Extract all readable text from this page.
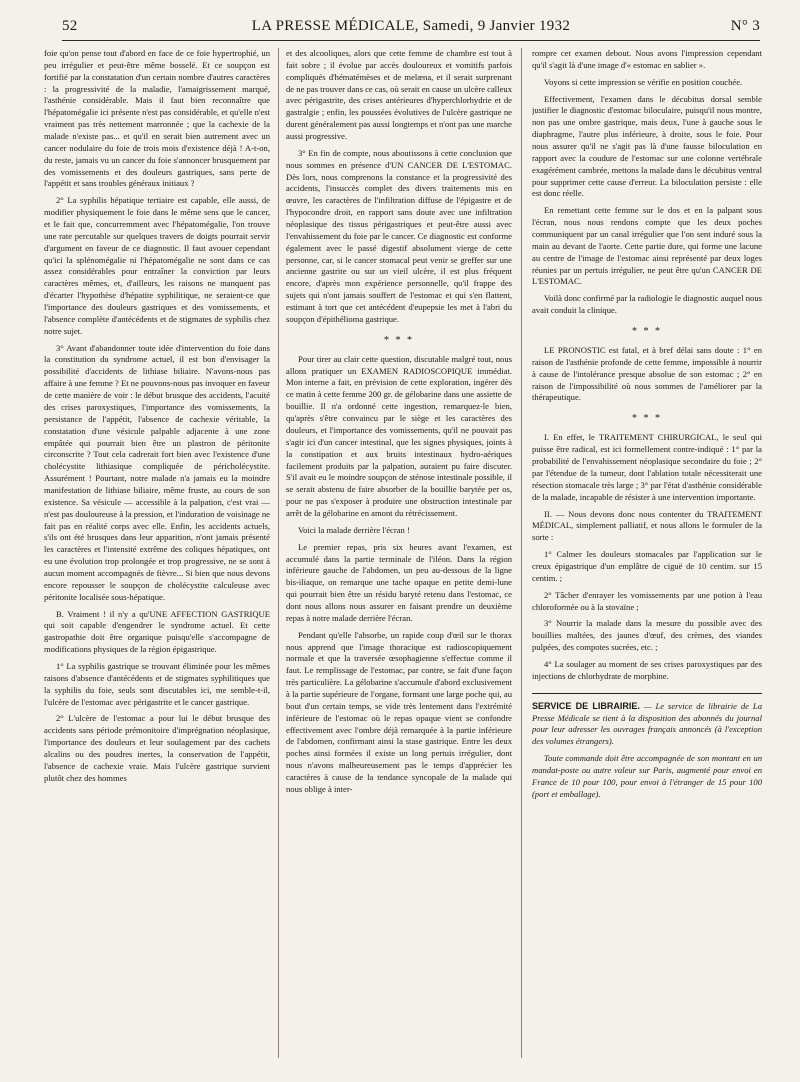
52	LA PRESSE MÉDICALE, Samedi, 9 Janvier 1932	N° 3

foie qu'on pense tout d'abord en face de ce foie hypertrophié, un peu irrégulier et peut-être même bosselé. Et ce soupçon est fortifié par la constatation d'un certain nombre d'autres caractères : la progressivité de la maladie, l'amaigrissement marqué, l'asthénie considérable. Mais il faut bien reconnaître que l'hépatomégalie ici présente n'est pas considérable, et qu'elle n'est vraiment pas très nettement marronnée ; que la cachexie de la malade n'existe pas... et qu'il en serait bien autrement avec un cancer nodulaire du foie de trois mois d'existence déjà ! A-t-on, du reste, jamais vu un cancer du foie s'annoncer brusquement par des vomissements et des douleurs gastriques, sans perte de l'appétit et sans troubles généraux initiaux ?

2° La syphilis hépatique tertiaire est capable, elle aussi, de modifier physiquement le foie dans le même sens que le cancer, et le fait que, concurremment avec l'hépatomégalie, l'on trouve une rate percutable sur quelques travers de doigts pourrait servir d'argument en faveur de ce diagnostic. Il faut avouer cependant qu'ici la splénomégalie ni l'hépatomégalie ne sont dans ce cas assez considérables pour entraîner la conviction par leurs caractères mêmes, et, d'ailleurs, les raisons ne manquent pas d'écarter l'hypothèse d'hépatite syphilitique, ne seraient-ce que l'importance des douleurs gastriques et des vomissements, et l'absence complète d'antécédents et de stigmates de syphilis chez notre sujet.

3° Avant d'abandonner toute idée d'intervention du foie dans la constitution du syndrome actuel, il est bon d'envisager la possibilité d'accidents de lithiase biliaire. N'avons-nous pas affaire à une femme ? Et ne pouvons-nous pas invoquer en faveur de cette manière de voir : le début brusque des accidents, l'acuité des crises paroxystiques, l'importance des vomissements, la persistance de l'appétit, l'absence de cachexie véritable, la constatation d'une vésicule palpable adjacente à une zone empâtée qui pourrait bien être un plastron de péritonite circonscrite ? Tout cela cadrerait fort bien avec l'existence d'une cholécystite lithiasique compliquée de péricholécystite. Assurément ! Pourtant, notre malade n'a jamais eu la moindre manifestation de lithiase biliaire, même fruste, au cours de son existence. Sa vésicule — accessible à la palpation, c'est vrai — n'est pas douloureuse à la pression, et l'induration de voisinage ne fait pas en réalité corps avec elle. Enfin, les accidents actuels, s'ils ont été brusques dans leur apparition, n'ont jamais présenté les caractères et l'intensité extrême des coliques hépatiques, ont eu une évolution trop prolongée et trop progressive, ne se sont à aucun moment accompagnés de fièvre... Si bien que nous devons encore repousser le soupçon de cholécystite calculeuse avec péritonite localisée sous-hépatique.

B. Vraiment ! il n'y a qu'UNE AFFECTION GASTRIQUE qui soit capable d'engendrer le syndrome actuel. Et cette gastropathie doit être organique puisqu'elle s'accompagne de modifications physiques de la région épigastrique.

1° La syphilis gastrique se trouvant éliminée pour les mêmes raisons d'absence d'antécédents et de stigmates syphilitiques que la syphilis du foie, seuls sont discutables ici, me semble-t-il, l'ulcère de l'estomac avec périgastrite et le cancer gastrique.

2° L'ulcère de l'estomac a pour lui le début brusque des accidents sans période prémonitoire d'imprégnation néoplasique, l'importance des douleurs et leur soulagement par des cachets alcalins ou des poudres inertes, la conservation de l'appétit, l'absence de cachexie vraie. Mais l'ulcère gastrique survient plutôt chez des hommes

et des alcooliques, alors que cette femme de chambre est tout à fait sobre ; il évolue par accès douloureux et vomitifs parfois compliqués d'hématémèses et de melæna, et il serait surprenant de ne pas trouver dans ce cas, où serait en cause un ulcère calleux avec périgastrite, des crises antérieures d'hyperchlorhydrie et de gastralgie ; enfin, les poussées évolutives de l'ulcère gastrique ne durent généralement pas aussi longtemps et n'ont pas une marche aussi progressive.

3° En fin de compte, nous aboutissons à cette conclusion que nous sommes en présence d'UN CANCER DE L'ESTOMAC. Dès lors, nous comprenons la constance et la progressivité des accidents, l'insuccès complet des divers traitements mis en œuvre, les caractères de l'infiltration diffuse de l'épigastre et de l'hypocondre droit, en rapport sans doute avec une infiltration néoplasique des tissus périgastriques et peut-être aussi avec l'envahissement du foie par le cancer. Ce diagnostic est conforme également avec le passé digestif absolument vierge de cette personne, car, si le cancer stomacal peut venir se greffer sur une ancienne gastrite ou sur un vieil ulcère, il est plus fréquent encore, d'après mon expérience personnelle, qu'il frappe des sujets qui n'ont jamais souffert de l'estomac et qui s'en flattent, estimant à tort que cet antécédent d'eupepsie les met à l'abri du soupçon d'épithélioma gastrique.

* * *

Pour tirer au clair cette question, discutable malgré tout, nous allons pratiquer un EXAMEN RADIOSCOPIQUE immédiat. Mon interne a fait, en prévision de cette exploration, ingérer dès ce matin à cette femme 200 gr. de gélobarine dans une assiette de bouillie. Il n'a ordonné cette ingestion, remarquez-le bien, qu'après s'être convaincu par le siège et les caractères des douleurs, et l'importance des vomissements, qu'il ne pouvait pas s'agir ici d'un cancer intestinal, que les signes physiques, joints à la constipation et aux bruits intestinaux hydro-aériques facilement produits par la palpation, auraient pu faire discuter. S'il avait eu le moindre soupçon de sténose intestinale possible, il se serait abstenu de faire absorber de la bouillie barytée per os, pour ne pas s'exposer à produire une obstruction intestinale par arrêt de la gélobarine en amont du rétrécissement.

Voici la malade derrière l'écran !

Le premier repas, pris six heures avant l'examen, est accumulé dans la partie terminale de l'iléon. Dans la région inférieure gauche de l'abdomen, un peu au-dessous de la ligne bis-iliaque, on remarque une tache opaque en petite demi-lune qui pourrait bien être un résidu baryté retenu dans l'estomac, ce dont nous allons nous assurer en faisant prendre un deuxième repas à notre malade derrière l'écran.

Pendant qu'elle l'absorbe, un rapide coup d'œil sur le thorax nous apprend que l'image thoracique est radioscopiquement normale et que la traversée œsophagienne s'effectue comme il faut. Le remplissage de l'estomac, par contre, se fait d'une façon très particulière. La gélobarine s'accumule d'abord exclusivement à la partie supérieure de l'organe, formant une large poche qui, au bout d'un certain temps, se vide très lentement dans l'extrémité inférieure de l'estomac où le repas opaque vient se confondre effectivement avec l'ombre déjà remarquée à la partie inférieure de l'abdomen, confirmant ainsi la stase gastrique. Entre les deux poches ainsi formées il existe un long pertuis irrégulier, dont nous n'avons malheureusement pas le temps d'apprécier les caractères à cause de la tendance syncopale de la malade qui nous oblige à inter-

rompre cet examen debout. Nous avons l'impression cependant qu'il s'agit là d'une image d'« estomac en sablier ».

Voyons si cette impression se vérifie en position couchée.

Effectivement, l'examen dans le décubitus dorsal semble justifier le diagnostic d'estomac biloculaire, puisqu'il nous montre, non pas une ombre gastrique, mais deux, l'une à gauche sous le diaphragme, l'autre plus inférieure, à droite, sous le foie. Pour nous assurer qu'il ne s'agit pas là d'une fausse biloculation en rapport avec la coudure de l'estomac sur une colonne vertébrale exagérément cambrée, mettons la malade dans le décubitus ventral pour supprimer cette cause d'erreur. La biloculation persiste : elle est donc réelle.

En remettant cette femme sur le dos et en la palpant sous l'écran, nous nous rendons compte que les deux poches communiquent par un canal irrégulier que l'on sent induré sous la main au devant de l'aorte. Cette partie dure, qui forme une lacune au centre de l'image de l'estomac ainsi représenté par deux loges réunies par un pertuis irrégulier, ne peut être qu'un CANCER DE L'ESTOMAC.

Voilà donc confirmé par la radiologie le diagnostic auquel nous avait conduit la clinique.

* * *

LE PRONOSTIC est fatal, et à bref délai sans doute : 1° en raison de l'asthénie profonde de cette femme, impossible à nourrir à cause de l'intolérance presque absolue de son estomac ; 2° en raison de l'impossibilité où nous sommes de l'améliorer par la thérapeutique.

* * *

I. En effet, le TRAITEMENT CHIRURGICAL, le seul qui puisse être radical, est ici formellement contre-indiqué : 1° par la probabilité de l'envahissement néoplasique secondaire du foie ; 2° par l'étendue de la tumeur, dont l'ablation totale nécessiterait une résection stomacale très large ; 3° par l'état d'asthénie considérable de la malade, incapable de résister à une intervention importante.

II. — Nous devons donc nous contenter du TRAITEMENT MÉDICAL, simplement palliatif, et nous allons le formuler de la sorte :

1° Calmer les douleurs stomacales par l'application sur le creux épigastrique d'un emplâtre de ciguë de 10 centim. sur 15 centim. ;

2° Tâcher d'enrayer les vomissements par une potion à l'eau chloroformée ou à la stovaïne ;

3° Nourrir la malade dans la mesure du possible avec des bouillies maltées, des jaunes d'œuf, des crèmes, des viandes pulpées, des compotes sucrées, etc. ;

4° La soulager au moment de ses crises paroxystiques par des injections de chlorhydrate de morphine.

SERVICE DE LIBRAIRIE. — Le service de librairie de La Presse Médicale se tient à la disposition des abonnés du journal pour leur adresser les ouvrages français annoncés (à l'exception des volumes étrangers).

Toute commande doit être accompagnée de son montant en un mandat-poste ou autre valeur sur Paris, augmenté pour envoi en France de 10 pour 100, pour envoi à l'étranger de 15 pour 100 (port et emballage).
